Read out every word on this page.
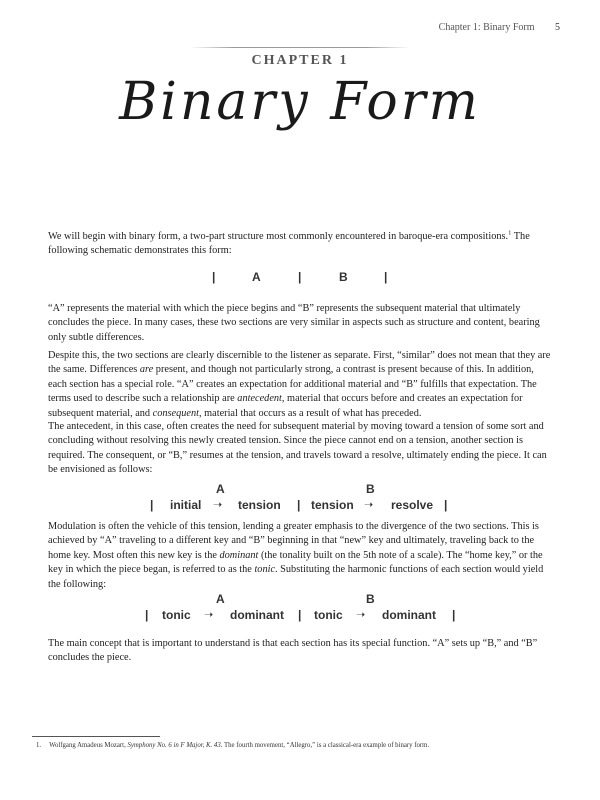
Chapter 1: Binary Form 5
CHAPTER 1
Binary Form

We will begin with binary form, a two-part structure most commonly encountered in baroque-era compositions.$^1$ The following schematic demonstrates this form:

|	A	|	B	|

“A” represents the material with which the piece begins and “B” represents the subsequent material that ultimately concludes the piece. In many cases, these two sections are very similar in aspects such as structure and content, bearing only subtle differences.

Despite this, the two sections are clearly discernible to the listener as separate. First, “similar” does not mean that they are the same. Differences are present, and though not particularly strong, a contrast is present because of this. In addition, each section has a special role. “A” creates an expectation for additional material and “B” fulfills that expectation. The terms used to describe such a relationship are antecedent, material that occurs before and creates an expectation for subsequent material, and consequent, material that occurs as a result of what has preceded.

The antecedent, in this case, often creates the need for subsequent material by moving toward a tension of some sort and concluding without resolving this newly created tension. Since the piece cannot end on a tension, another section is required. The consequent, or “B,” resumes at the tension, and travels toward a resolve, ultimately ending the piece. It can be envisioned as follows:

A	B
| initial ➝ tension | tension ➝ resolve |

Modulation is often the vehicle of this tension, lending a greater emphasis to the divergence of the two sections. This is achieved by “A” traveling to a different key and “B” beginning in that “new” key and ultimately, traveling back to the home key. Most often this new key is the dominant (the tonality built on the 5th note of a scale). The “home key,” or the key in which the piece began, is referred to as the tonic. Substituting the harmonic functions of each section would yield the following:

A	B
| tonic ➝ dominant | tonic ➝ dominant |

The main concept that is important to understand is that each section has its special function. “A” sets up “B,” and “B” concludes the piece.

1. Wolfgang Amadeus Mozart, Symphony No. 6 in F Major, K. 43. The fourth movement, “Allegro,” is a classical-era example of binary form.
